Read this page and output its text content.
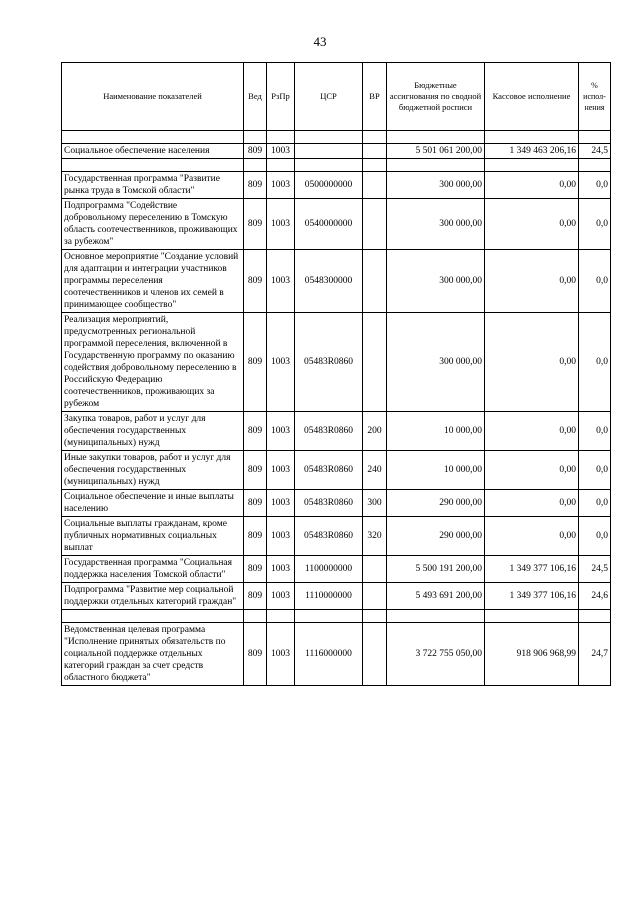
43
Наименование показателей	Вед	РзПр	ЦСР	ВР	Бюджетные ассигнования по сводной бюджетной росписи	Кассовое исполнение	% испол-нения

Социальное обеспечение населения	809	1003			5 501 061 200,00	1 349 463 206,16	24,5

Государственная программа "Развитие рынка труда в Томской области"	809	1003	0500000000		300 000,00	0,00	0,0
Подпрограмма "Содействие добровольному переселению в Томскую область соотечественников, проживающих за рубежом"	809	1003	0540000000		300 000,00	0,00	0,0
Основное мероприятие "Создание условий для адаптации и интеграции участников программы переселения соотечественников и членов их семей в принимающее сообщество"	809	1003	0548300000		300 000,00	0,00	0,0
Реализация мероприятий, предусмотренных региональной программой переселения, включенной в Государственную программу по оказанию содействия добровольному переселению в Российскую Федерацию соотечественников, проживающих за рубежом	809	1003	05483R0860		300 000,00	0,00	0,0
Закупка товаров, работ и услуг для обеспечения государственных (муниципальных) нужд	809	1003	05483R0860	200	10 000,00	0,00	0,0
Иные закупки товаров, работ и услуг для обеспечения государственных (муниципальных) нужд	809	1003	05483R0860	240	10 000,00	0,00	0,0
Социальное обеспечение и иные выплаты населению	809	1003	05483R0860	300	290 000,00	0,00	0,0
Социальные выплаты гражданам, кроме публичных нормативных социальных выплат	809	1003	05483R0860	320	290 000,00	0,00	0,0
Государственная программа "Социальная поддержка населения Томской области"	809	1003	1100000000		5 500 191 200,00	1 349 377 106,16	24,5
Подпрограмма "Развитие мер социальной поддержки отдельных категорий граждан"	809	1003	1110000000		5 493 691 200,00	1 349 377 106,16	24,6

Ведомственная целевая программа "Исполнение принятых обязательств по социальной поддержке отдельных категорий граждан за счет средств областного бюджета"	809	1003	1116000000		3 722 755 050,00	918 906 968,99	24,7
